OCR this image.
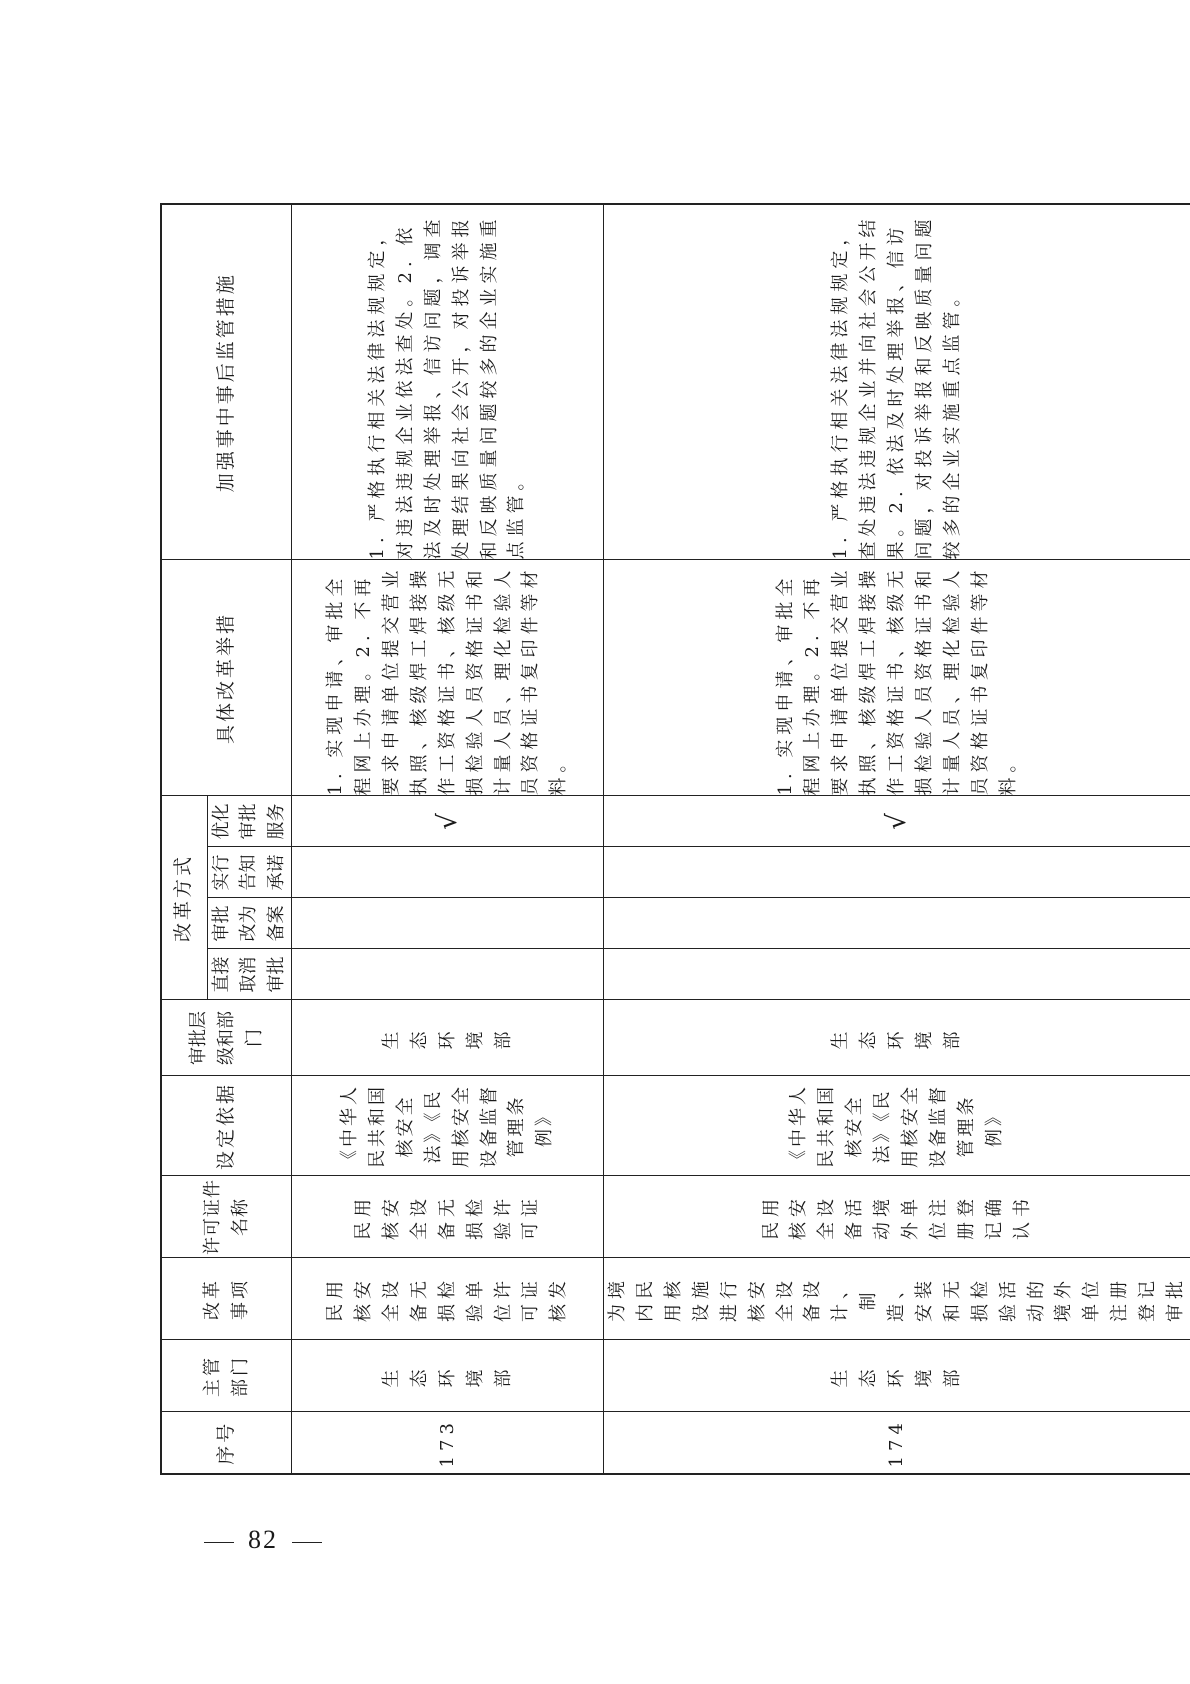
序号	主管部门	改革事项	许可证件名称	设定依据	审批层级和部门	改革方式				具体改革举措	加强事中事后监管措施

						直接取消审批	审批改为备案	实行告知承诺	优化审批服务		

173	生态环境部	民用核安全设备无损检验单位许可证核发	民用核安全设备无损检验许可证	《中华人民共和国核安全法》《民用核安全设备监督管理条例》	生态环境部				√	1. 实现申请、审批全程网上办理。2. 不再要求申请单位提交营业执照、核级焊工焊接操作工资格证书、核级无损检验人员资格证书和计量人员、理化检验人员资格证书复印件等材料。	1. 严格执行相关法律法规规定，对违法违规企业依法查处。2. 依法及时处理举报、信访问题，调查处理结果向社会公开，对投诉举报和反映质量问题较多的企业实施重点监管。
174	生态环境部	为境内民用核设施进行核安全设备设计、制造、安装和无损检验活动的境外单位注册登记审批	民用核安全设备活动境外单位注册登记确认书	《中华人民共和国核安全法》《民用核安全设备监督管理条例》	生态环境部				√	1. 实现申请、审批全程网上办理。2. 不再要求申请单位提交营业执照、核级焊工焊接操作工资格证书、核级无损检验人员资格证书和计量人员、理化检验人员资格证书复印件等材料。	1. 严格执行相关法律法规规定，查处违法违规企业并向社会公开结果。2. 依法及时处理举报、信访问题，对投诉举报和反映质量问题较多的企业实施重点监管。
82
